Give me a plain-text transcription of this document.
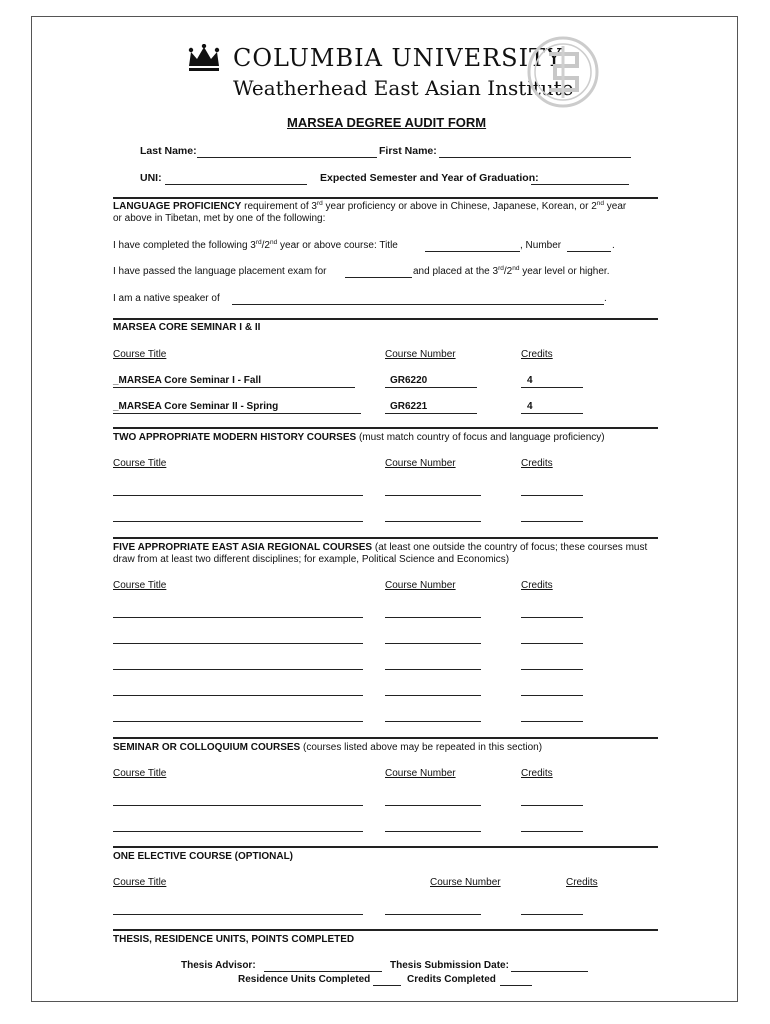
COLUMBIA UNIVERSITY
Weatherhead East Asian Institute
MARSEA DEGREE AUDIT FORM
Last Name:	First Name:
UNI:	Expected Semester and Year of Graduation:
LANGUAGE PROFICIENCY requirement of 3rd year proficiency or above in Chinese, Japanese, Korean, or 2nd year
or above in Tibetan, met by one of the following:
I have completed the following 3rd/2nd year or above course: Title	, Number	.
I have passed the language placement exam for	and placed at the 3rd/2nd year level or higher.
I am a native speaker of	.
MARSEA CORE SEMINAR I & II
Course Title	Course Number	Credits
_MARSEA Core Seminar I - Fall	GR6220	4
_MARSEA Core Seminar II - Spring	GR6221	4
TWO APPROPRIATE MODERN HISTORY COURSES (must match country of focus and language proficiency)
Course Title	Course Number	Credits
FIVE APPROPRIATE EAST ASIA REGIONAL COURSES (at least one outside the country of focus; these courses must
draw from at least two different disciplines; for example, Political Science and Economics)
Course Title	Course Number	Credits
SEMINAR OR COLLOQUIUM COURSES (courses listed above may be repeated in this section)
Course Title	Course Number	Credits
ONE ELECTIVE COURSE (OPTIONAL)
Course Title	Course Number	Credits
THESIS, RESIDENCE UNITS, POINTS COMPLETED
Thesis Advisor:	Thesis Submission Date:
Residence Units Completed	Credits Completed
